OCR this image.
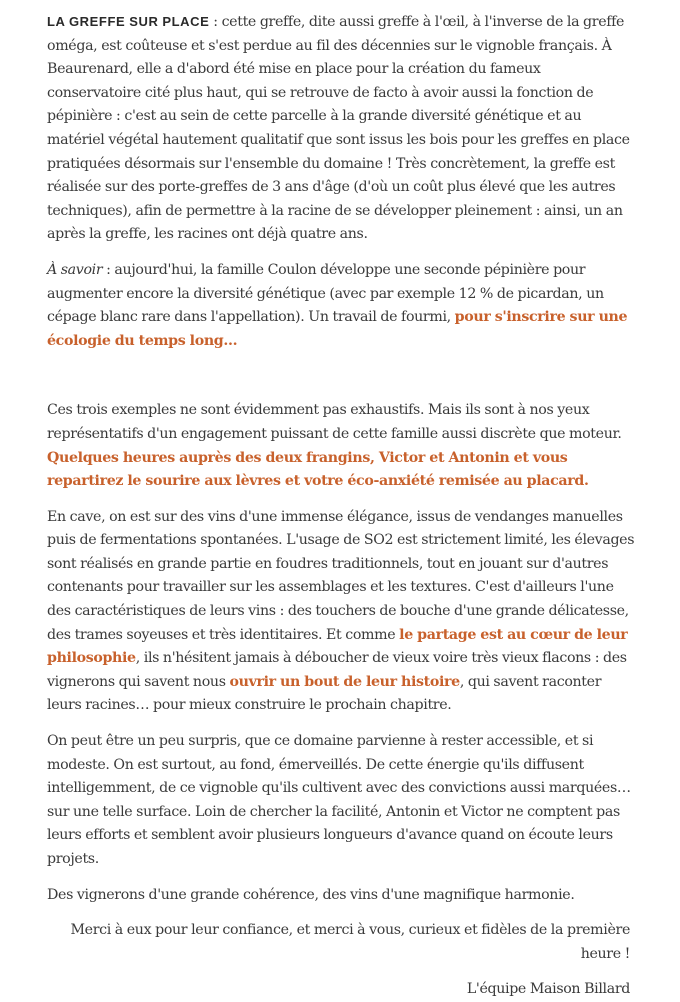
LA GREFFE SUR PLACE : cette greffe, dite aussi greffe à l'œil, à l'inverse de la greffe oméga, est coûteuse et s'est perdue au fil des décennies sur le vignoble français. À Beaurenard, elle a d'abord été mise en place pour la création du fameux conservatoire cité plus haut, qui se retrouve de facto à avoir aussi la fonction de pépinière : c'est au sein de cette parcelle à la grande diversité génétique et au matériel végétal hautement qualitatif que sont issus les bois pour les greffes en place pratiquées désormais sur l'ensemble du domaine ! Très concrètement, la greffe est réalisée sur des porte-greffes de 3 ans d'âge (d'où un coût plus élevé que les autres techniques), afin de permettre à la racine de se développer pleinement : ainsi, un an après la greffe, les racines ont déjà quatre ans.

À savoir : aujourd'hui, la famille Coulon développe une seconde pépinière pour augmenter encore la diversité génétique (avec par exemple 12 % de picardan, un cépage blanc rare dans l'appellation). Un travail de fourmi, pour s'inscrire sur une écologie du temps long…

Ces trois exemples ne sont évidemment pas exhaustifs. Mais ils sont à nos yeux représentatifs d'un engagement puissant de cette famille aussi discrète que moteur. Quelques heures auprès des deux frangins, Victor et Antonin et vous repartirez le sourire aux lèvres et votre éco-anxiété remisée au placard.

En cave, on est sur des vins d'une immense élégance, issus de vendanges manuelles puis de fermentations spontanées. L'usage de SO2 est strictement limité, les élevages sont réalisés en grande partie en foudres traditionnels, tout en jouant sur d'autres contenants pour travailler sur les assemblages et les textures. C'est d'ailleurs l'une des caractéristiques de leurs vins : des touchers de bouche d'une grande délicatesse, des trames soyeuses et très identitaires. Et comme le partage est au cœur de leur philosophie, ils n'hésitent jamais à déboucher de vieux voire très vieux flacons : des vignerons qui savent nous ouvrir un bout de leur histoire, qui savent raconter leurs racines… pour mieux construire le prochain chapitre.

On peut être un peu surpris, que ce domaine parvienne à rester accessible, et si modeste. On est surtout, au fond, émerveillés. De cette énergie qu'ils diffusent intelligemment, de ce vignoble qu'ils cultivent avec des convictions aussi marquées… sur une telle surface. Loin de chercher la facilité, Antonin et Victor ne comptent pas leurs efforts et semblent avoir plusieurs longueurs d'avance quand on écoute leurs projets.

Des vignerons d'une grande cohérence, des vins d'une magnifique harmonie.

Merci à eux pour leur confiance, et merci à vous, curieux et fidèles de la première heure !

L'équipe Maison Billard
